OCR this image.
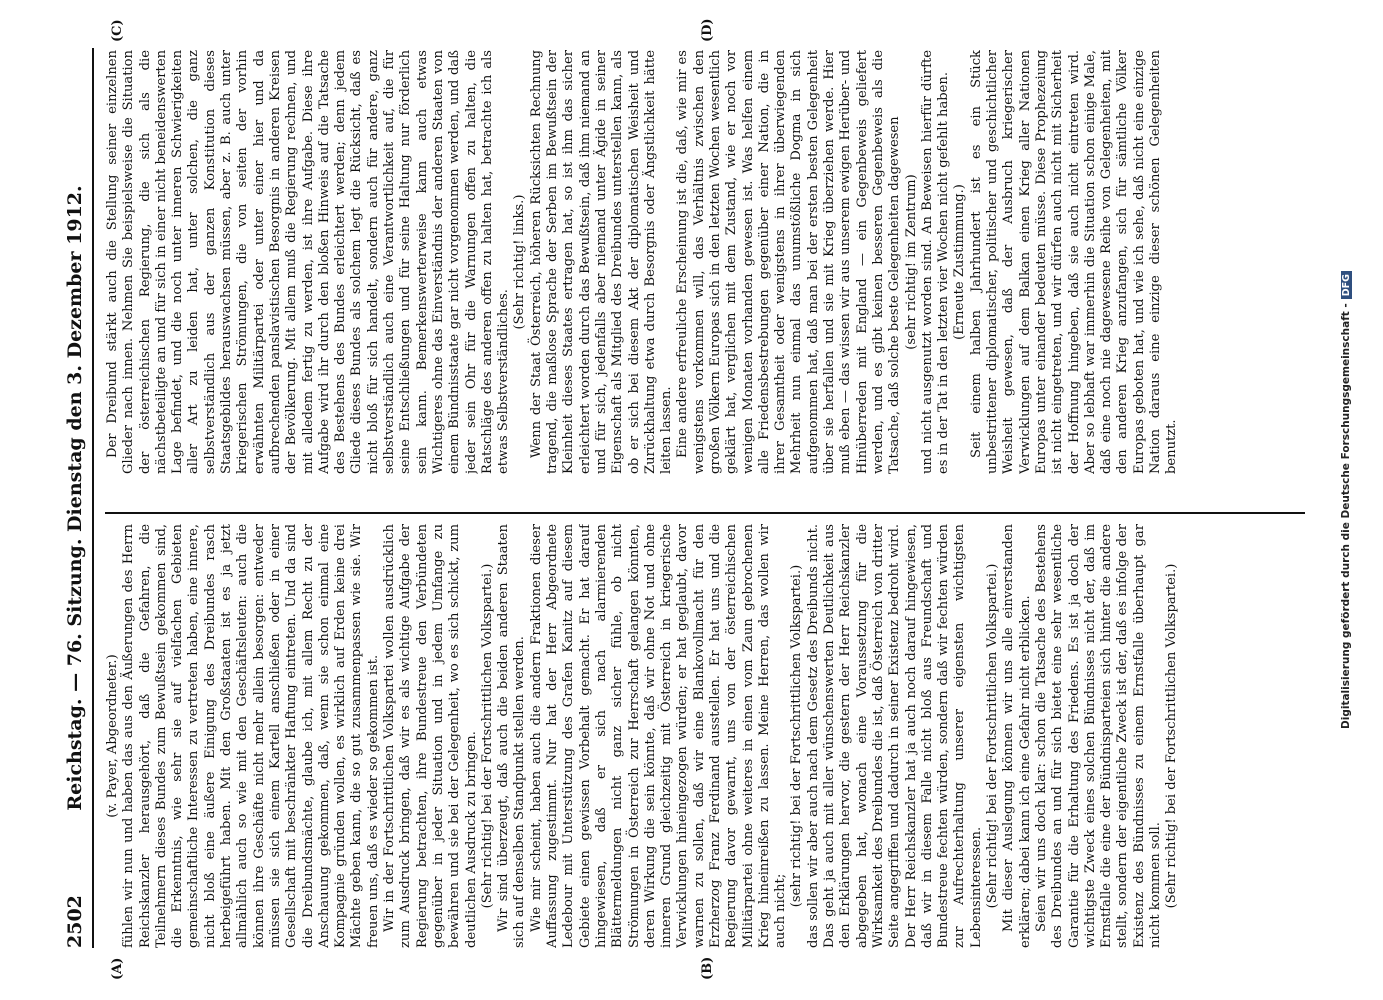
2502
Reichstag. — 76. Sitzung. Dienstag den 3. Dezember 1912.
(A)	(B)
(C)	(D)

(v. Payer, Abgeordneter.) fühlen wir nun und haben das aus den Äußerungen des Herrn Reichskanzler herausgehört, daß die Gefahren, die Teilnehmern dieses Bundes zum Bewußtsein gekommen sind, die Erkenntnis, wie sehr sie auf vielfachen Gebieten gemeinschaftliche Interessen zu vertreten haben, eine innere, nicht bloß eine äußere Einigung des Dreibundes rasch herbeigeführt haben. Mit den Großstaaten ist es ja jetzt allmählich auch so wie mit den Geschäftsleuten: auch die können ihre Geschäfte nicht mehr allein besorgen: entweder müssen sie sich einem Kartell anschließen oder in einer Gesellschaft mit beschränkter Haftung eintreten. Und da sind die Dreibundsmächte, glaube ich, mit allem Recht zu der Anschauung gekommen, daß, wenn sie schon einmal eine Kompagnie gründen wollen, es wirklich auf Erden keine drei Mächte geben kann, die so gut zusammenpassen wie sie. Wir freuen uns, daß es wieder so gekommen ist. Wir in der Fortschrittlichen Volkspartei wollen ausdrücklich zum Ausdruck bringen, daß wir es als wichtige Aufgabe der Regierung betrachten, ihre Bundestreue den Verbündeten gegenüber in jeder Situation und in jedem Umfange zu bewähren und sie bei der Gelegenheit, wo es sich schickt, zum deutlichen Ausdruck zu bringen. (Sehr richtig! bei der Fortschrittlichen Volkspartei.) Wir sind überzeugt, daß auch die beiden anderen Staaten sich auf denselben Standpunkt stellen werden. Wie mir scheint, haben auch die andern Fraktionen dieser Auffassung zugestimmt. Nur hat der Herr Abgeordnete Ledebour mit Unterstützung des Grafen Kanitz auf diesem Gebiete einen gewissen Vorbehalt gemacht. Er hat darauf hingewiesen, daß er sich nach alarmierenden Blättermeldungen nicht ganz sicher fühle, ob nicht Strömungen in Österreich zur Herrschaft gelangen könnten, deren Wirkung die sein könnte, daß wir ohne Not und ohne inneren Grund gleichzeitig mit Österreich in kriegerische Verwicklungen hineingezogen würden; er hat geglaubt, davor warnen zu sollen, daß wir eine Blankovollmacht für den Erzherzog Franz Ferdinand ausstellen. Er hat uns und die Regierung davor gewarnt, uns von der österreichischen Militärpartei ohne weiteres in einen vom Zaun gebrochenen Krieg hineinreißen zu lassen. Meine Herren, das wollen wir auch nicht;

(sehr richtig! bei der Fortschrittlichen Volkspartei.) das sollen wir aber auch nach dem Gesetz des Dreibunds nicht. Das geht ja auch mit aller wünschenswerten Deutlichkeit aus den Erklärungen hervor, die gestern der Herr Reichskanzler abgegeben hat, wonach eine Voraussetzung für die Wirksamkeit des Dreibundes die ist, daß Österreich von dritter Seite angegriffen und dadurch in seiner Existenz bedroht wird. Der Herr Reichskanzler hat ja auch noch darauf hingewiesen, daß wir in diesem Falle nicht bloß aus Freundschaft und Bundestreue fechten würden, sondern daß wir fechten würden zur Aufrechterhaltung unserer eigensten wichtigsten Lebensinteressen. (Sehr richtig! bei der Fortschrittlichen Volkspartei.) Mit dieser Auslegung können wir uns alle einverstanden erklären; dabei kann ich eine Gefahr nicht erblicken. Seien wir uns doch klar: schon die Tatsache des Bestehens des Dreibundes an und für sich bietet eine sehr wesentliche Garantie für die Erhaltung des Friedens. Es ist ja doch der wichtigste Zweck eines solchen Bündnisses nicht der, daß im Ernstfalle die eine der Bündnisparteien sich hinter die andere stellt, sondern der eigentliche Zweck ist der, daß es infolge der Existenz des Bündnisses zu einem Ernstfalle überhaupt gar nicht kommen soll. (Sehr richtig! bei der Fortschrittlichen Volkspartei.)

Der Dreibund stärkt auch die Stellung seiner einzelnen Glieder nach innen. Nehmen Sie beispielsweise die Situation der österreichischen Regierung, die sich als die nächstbeteiligte an und für sich in einer nicht beneidenswerten Lage befindet, und die noch unter inneren Schwierigkeiten aller Art zu leiden hat, unter solchen, die ganz selbstverständlich aus der ganzen Konstitution dieses Staatsgebildes herauswachsen müssen, aber z. B. auch unter kriegerischen Strömungen, die von seiten der vorhin erwähnten Militärpartei oder unter einer hier und da aufbrechenden panslavistischen Besorgnis in anderen Kreisen der Bevölkerung. Mit allem muß die Regierung rechnen, und mit alledem fertig zu werden, ist ihre Aufgabe. Diese ihre Aufgabe wird ihr durch den bloßen Hinweis auf die Tatsache des Bestehens des Bundes erleichtert werden; denn jedem Gliede dieses Bundes als solchem legt die Rücksicht, daß es nicht bloß für sich handelt, sondern auch für andere, ganz selbstverständlich auch eine Verantwortlichkeit auf, die für seine Entschließungen und für seine Haltung nur förderlich sein kann. Bemerkenswerterweise kann auch etwas Wichtigeres ohne das Einverständnis der anderen Staaten von einem Bündnisstaate gar nicht vorgenommen werden, und daß jeder sein Ohr für die Warnungen offen zu halten, die Ratschläge des anderen offen zu halten hat, betrachte ich als etwas Selbstverständliches.

(Sehr richtig! links.) Wenn der Staat Österreich, höheren Rücksichten Rechnung tragend, die maßlose Sprache der Serben im Bewußtsein der Kleinheit dieses Staates ertragen hat, so ist ihm das sicher erleichtert worden durch das Bewußtsein, daß ihm niemand an und für sich, jedenfalls aber niemand unter Ägide in seiner Eigenschaft als Mitglied des Dreibundes unterstellen kann, als ob er sich bei diesem Akt der diplomatischen Weisheit und Zurückhaltung etwa durch Besorgnis oder Ängstlichkeit hätte leiten lassen. Eine andere erfreuliche Erscheinung ist die, daß, wie mir es wenigstens vorkommen will, das Verhältnis zwischen den großen Völkern Europas sich in den letzten Wochen wesentlich geklärt hat, verglichen mit dem Zustand, wie er noch vor wenigen Monaten vorhanden gewesen ist. Was helfen einem alle Friedensbestrebungen gegenüber einer Nation, die in ihrer Gesamtheit oder wenigstens in ihrer überwiegenden Mehrheit nun einmal das unumstößliche Dogma in sich aufgenommen hat, daß man bei der ersten besten Gelegenheit über sie herfallen und sie mit Krieg überziehen werde. Hier muß eben — das wissen wir aus unserem ewigen Herüber- und Hinüberreden mit England — ein Gegenbeweis geliefert werden, und es gibt keinen besseren Gegenbeweis als die Tatsache, daß solche beste Gelegenheiten dagewesen (sehr richtig! im Zentrum) und nicht ausgenutzt worden sind. An Beweisen hierfür dürfte es in der Tat in den letzten vier Wochen nicht gefehlt haben. (Erneute Zustimmung.) Seit einem halben Jahrhundert ist es ein Stück unbestrittener diplomatischer, politischer und geschichtlicher Weisheit gewesen, daß der Ausbruch kriegerischer Verwicklungen auf dem Balkan einen Krieg aller Nationen Europas unter einander bedeuten müsse. Diese Prophezeiung ist nicht eingetreten, und wir dürfen auch nicht mit Sicherheit der Hoffnung hingeben, daß sie auch nicht eintreten wird. Aber so lebhaft war immerhin die Situation schon einige Male, daß eine noch nie dagewesene Reihe von Gelegenheiten, mit den anderen Krieg anzufangen, sich für sämtliche Völker Europas geboten hat, und wie ich sehe, daß nicht eine einzige Nation daraus eine einzige dieser schönen Gelegenheiten benutzt.	Digitalisierung gefördert durch die Deutsche Forschungsgemeinschaft -DFG
